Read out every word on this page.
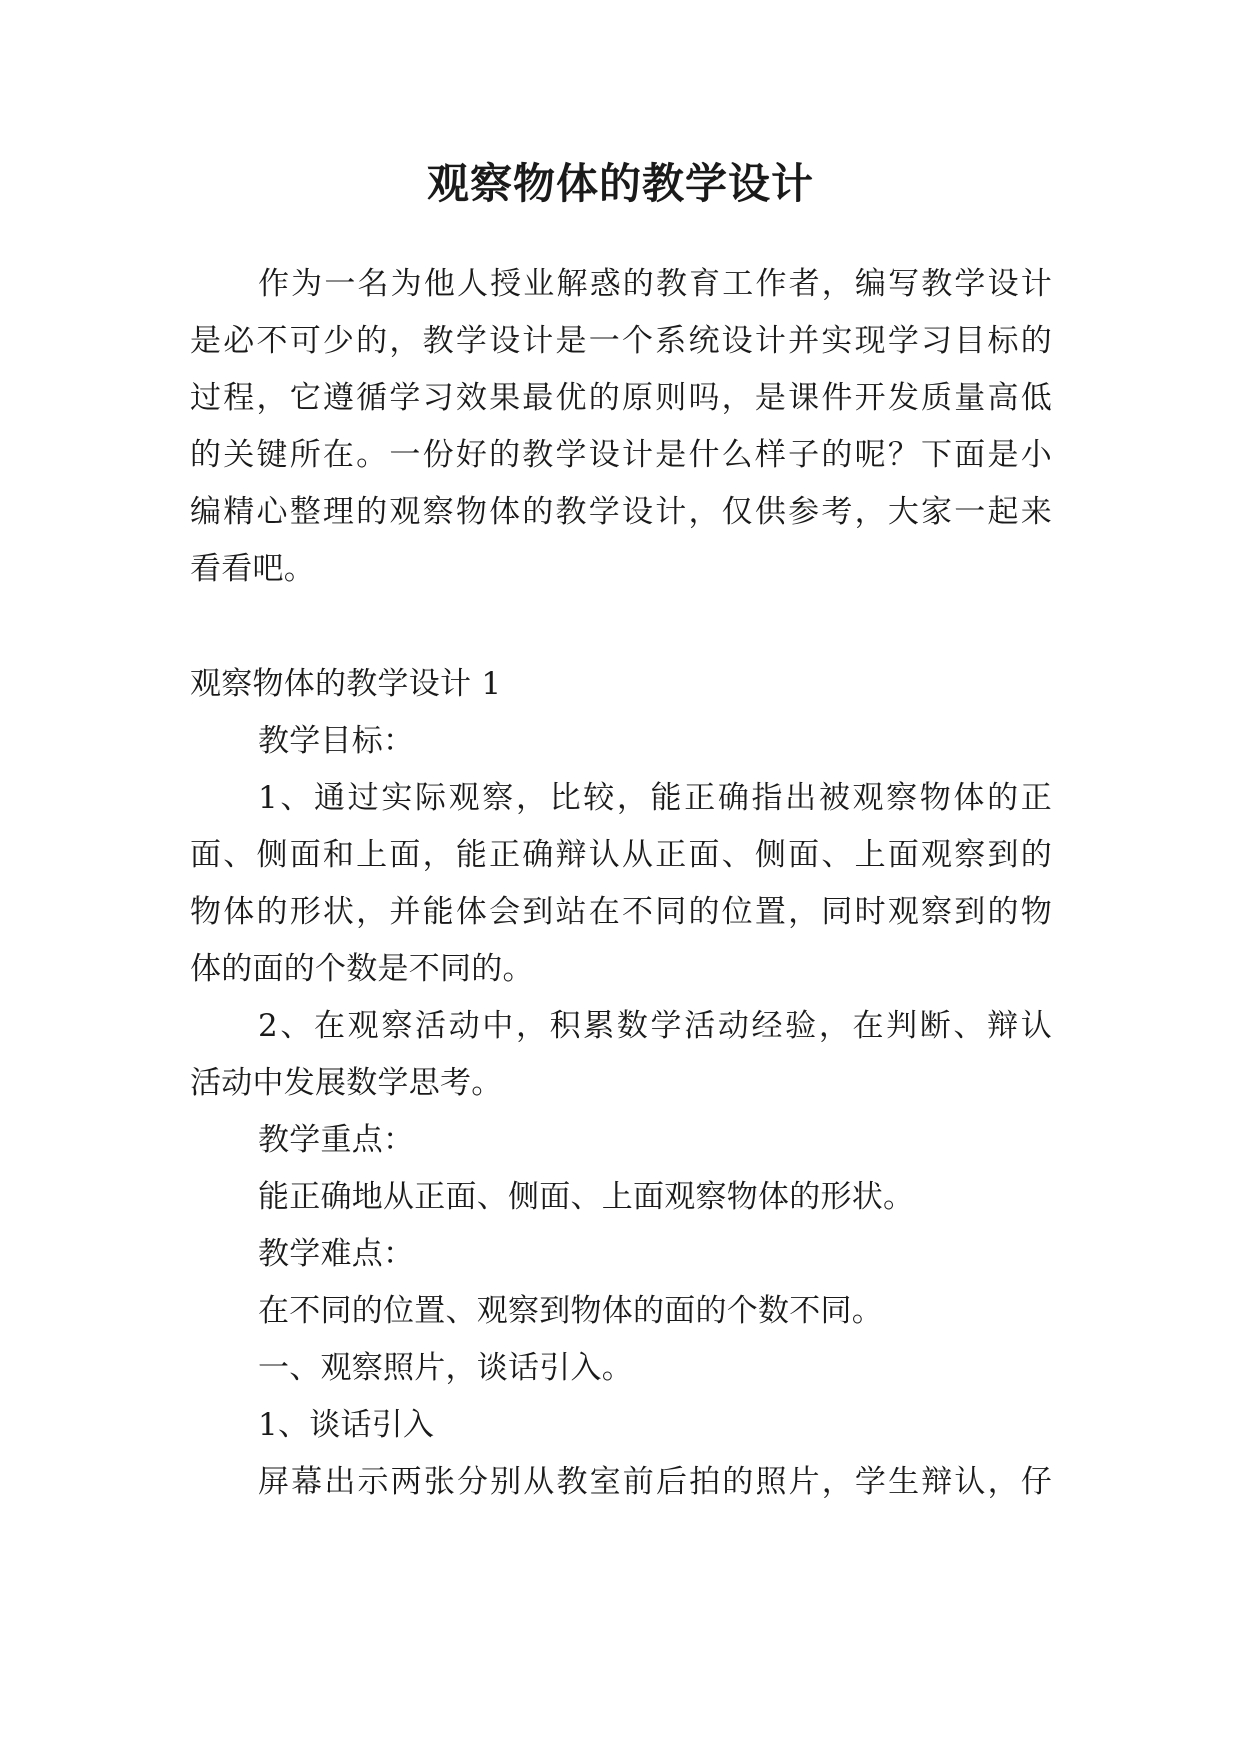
观察物体的教学设计

作为一名为他人授业解惑的教育工作者，编写教学设计

是必不可少的，教学设计是一个系统设计并实现学习目标的

过程，它遵循学习效果最优的原则吗，是课件开发质量高低

的关键所在。一份好的教学设计是什么样子的呢？下面是小

编精心整理的观察物体的教学设计，仅供参考，大家一起来

看看吧。

观察物体的教学设计 1

教学目标：

1、通过实际观察，比较，能正确指出被观察物体的正

面、侧面和上面，能正确辩认从正面、侧面、上面观察到的

物体的形状，并能体会到站在不同的位置，同时观察到的物

体的面的个数是不同的。

2、在观察活动中，积累数学活动经验，在判断、辩认

活动中发展数学思考。

教学重点：

能正确地从正面、侧面、上面观察物体的形状。

教学难点：

在不同的位置、观察到物体的面的个数不同。

一、观察照片，谈话引入。

1、谈话引入

屏幕出示两张分别从教室前后拍的照片，学生辩认，仔
